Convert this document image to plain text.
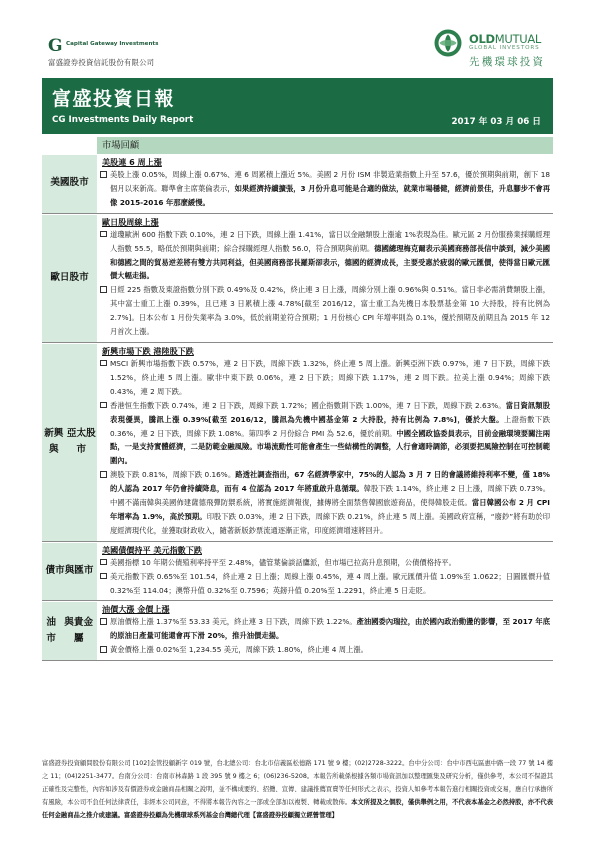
G Capital Gateway Investments
富盛證券投資信託股份有限公司
OLDMUTUAL
GLOBAL INVESTORS
先機環球投資
富盛投資日報
CG Investments Daily Report	2017 年 03 月 06 日
市場回顧
美國股市
美股連 6 周上漲
美股上漲 0.05%，周線上漲 0.67%、連 6 周累積上漲近 5%。美國 2 月份 ISM 非製造業指數上升至 57.6，優於預期與前期，創下 18 個月以來新高。聯準會主席葉倫表示，如果經濟持續擴張，3 月份升息可能是合適的做法，就業市場穩健，經濟前景佳，升息腳步不會再像 2015-2016 年那麼緩慢。
歐日股市
歐日股周線上漲
道瓊歐洲 600 指數下跌 0.10%，連 2 日下跌，周線上漲 1.41%，當日以金融類股上漲逾 1%表現為佳。歐元區 2 月份服務業採購經理人指數 55.5，略低於預期與前期；綜合採購經理人指數 56.0，符合預期與前期。德國總理梅克爾表示美國商務部長信中談到，減少美國和德國之間的貿易逆差將有雙方共同利益，但美國商務部長羅斯卻表示，德國的經濟成長，主要受惠於疲弱的歐元匯價，使得當日歐元匯價大幅走揚。
日經 225 指數及東證指數分別下跌 0.49%及 0.42%，終止連 3 日上漲，周線分別上漲 0.96%與 0.51%。當日非必需消費類股上漲，其中富士重工上漲 0.39%，且已連 3 日累積上漲 4.78%[截至 2016/12，富士重工為先機日本股票基金第 10 大持股，持有比例為 2.7%]。日本公布 1 月份失業率為 3.0%，低於前期並符合預期；1 月份核心 CPI 年增率則為 0.1%，優於預期及前期且為 2015 年 12 月首次上漲。
新興與

亞太股市
新興市場下跌 港陸股下跌
MSCI 新興市場指數下跌 0.57%，連 2 日下跌，周線下跌 1.32%，終止連 5 周上漲。新興亞洲下跌 0.97%，連 7 日下跌，周線下跌 1.52%，終止連 5 周上漲。歐非中東下跌 0.06%，連 2 日下跌；周線下跌 1.17%，連 2 周下跌。拉美上漲 0.94%；周線下跌 0.43%，連 2 周下跌。
香港恒生指數下跌 0.74%，連 2 日下跌，周線下跌 1.72%；國企指數則下跌 1.00%，連 7 日下跌，周線下跌 2.63%。當日資訊類股表現優異，騰訊上漲 0.39%[截至 2016/12，騰訊為先機中國基金第 2 大持股，持有比例為 7.8%]，優於大盤。上證指數下跌 0.36%，連 2 日下跌，周線下跌 1.08%。第四季 2 月份綜合 PMI 為 52.6，優於前期。中國全國政協委員表示，目前金融環境要關注兩點，一是支持實體經濟，二是防範金融風險。市場流動性可能會產生一些結構性的調整，人行會適時調節，必須要把風險控制在可控制範圍內。
澳股下跌 0.81%，周線下跌 0.16%。路透社調查指出，67 名經濟學家中，75%的人認為 3 月 7 日的會議將維持利率不變，僅 18%的人認為 2017 年仍會持續降息，而有 4 位認為 2017 年將重啟升息循環。韓股下跌 1.14%，終止連 2 日上漲，周線下跌 0.73%。中國不滿南韓與美國佈建薩德飛彈防禦系統，將實施經濟報復，據傳將全面禁售韓國旅遊商品，使得韓股走低。當日韓國公布 2 月 CPI 年增率為 1.9%，高於預期。印股下跌 0.03%，連 2 日下跌，周線下跌 0.21%，終止連 5 周上漲。美國政府宣稱，“廢鈔”將有助於印度經濟現代化，並獲取財政收入，隨著新版鈔票流通逐漸正常，印度經濟增速將回升。
債市 與匯市
美國債價持平 美元指數下跌
美國指標 10 年期公債殖利率持平至 2.48%，儘管葉倫談話鷹派，但市場已拉高升息預期，公債價格持平。
美元指數下跌 0.65%至 101.54，終止連 2 日上漲；周線上漲 0.45%，連 4 周上漲。歐元匯價升值 1.09%至 1.0622；日圓匯價升值 0.32%至 114.04；澳幣升值 0.32%至 0.7596；英鎊升值 0.20%至 1.2291，終止連 5 日走貶。
油市

與貴金屬
油價大漲 金價上漲
原油價格上漲 1.37%至 53.33 美元，終止連 3 日下跌，周線下跌 1.22%。產油國委內瑞拉，由於國內政治動盪的影響，至 2017 年底的原油日產量可能還會再下滑 20%，推升油價走揚。
黃金價格上漲 0.02%至 1,234.55 美元，周線下跌 1.80%，終止連 4 周上漲。
富盛證券投資顧問股份有限公司 [102]金管投顧新字 019 號，台北總公司：台北市信義區松德路 171 號 9 樓；(02)2728-3222。台中分公司：台中市西屯區惠中路一段 77 號 14 樓之 11；(04)2251-3477。台南分公司：台南市林森路 1 段 395 號 9 樓之 6；(06)236-5208。本報告所載係根據各類市場資訊加以整理匯集及研究分析，僅供參考，本公司不保證其正確性及完整性，內容如涉及有價證券或金融商品相關之說明，並不構成要約、招攬、宣傳、建議推薦買賣等任何形式之表示，投資人如參考本報告進行相關投資或交易，應自行承擔所有風險，本公司不負任何法律責任，非經本公司同意，不得將本報告內容之一部或全部加以複製、轉載或散佈。本文所提及之個股，僅供舉例之用，不代表本基金之必然持股，亦不代表任何金融商品之推介或建議。富盛證券投顧為先機環球系列基金台灣總代理【富盛證券投顧獨立經營管理】
